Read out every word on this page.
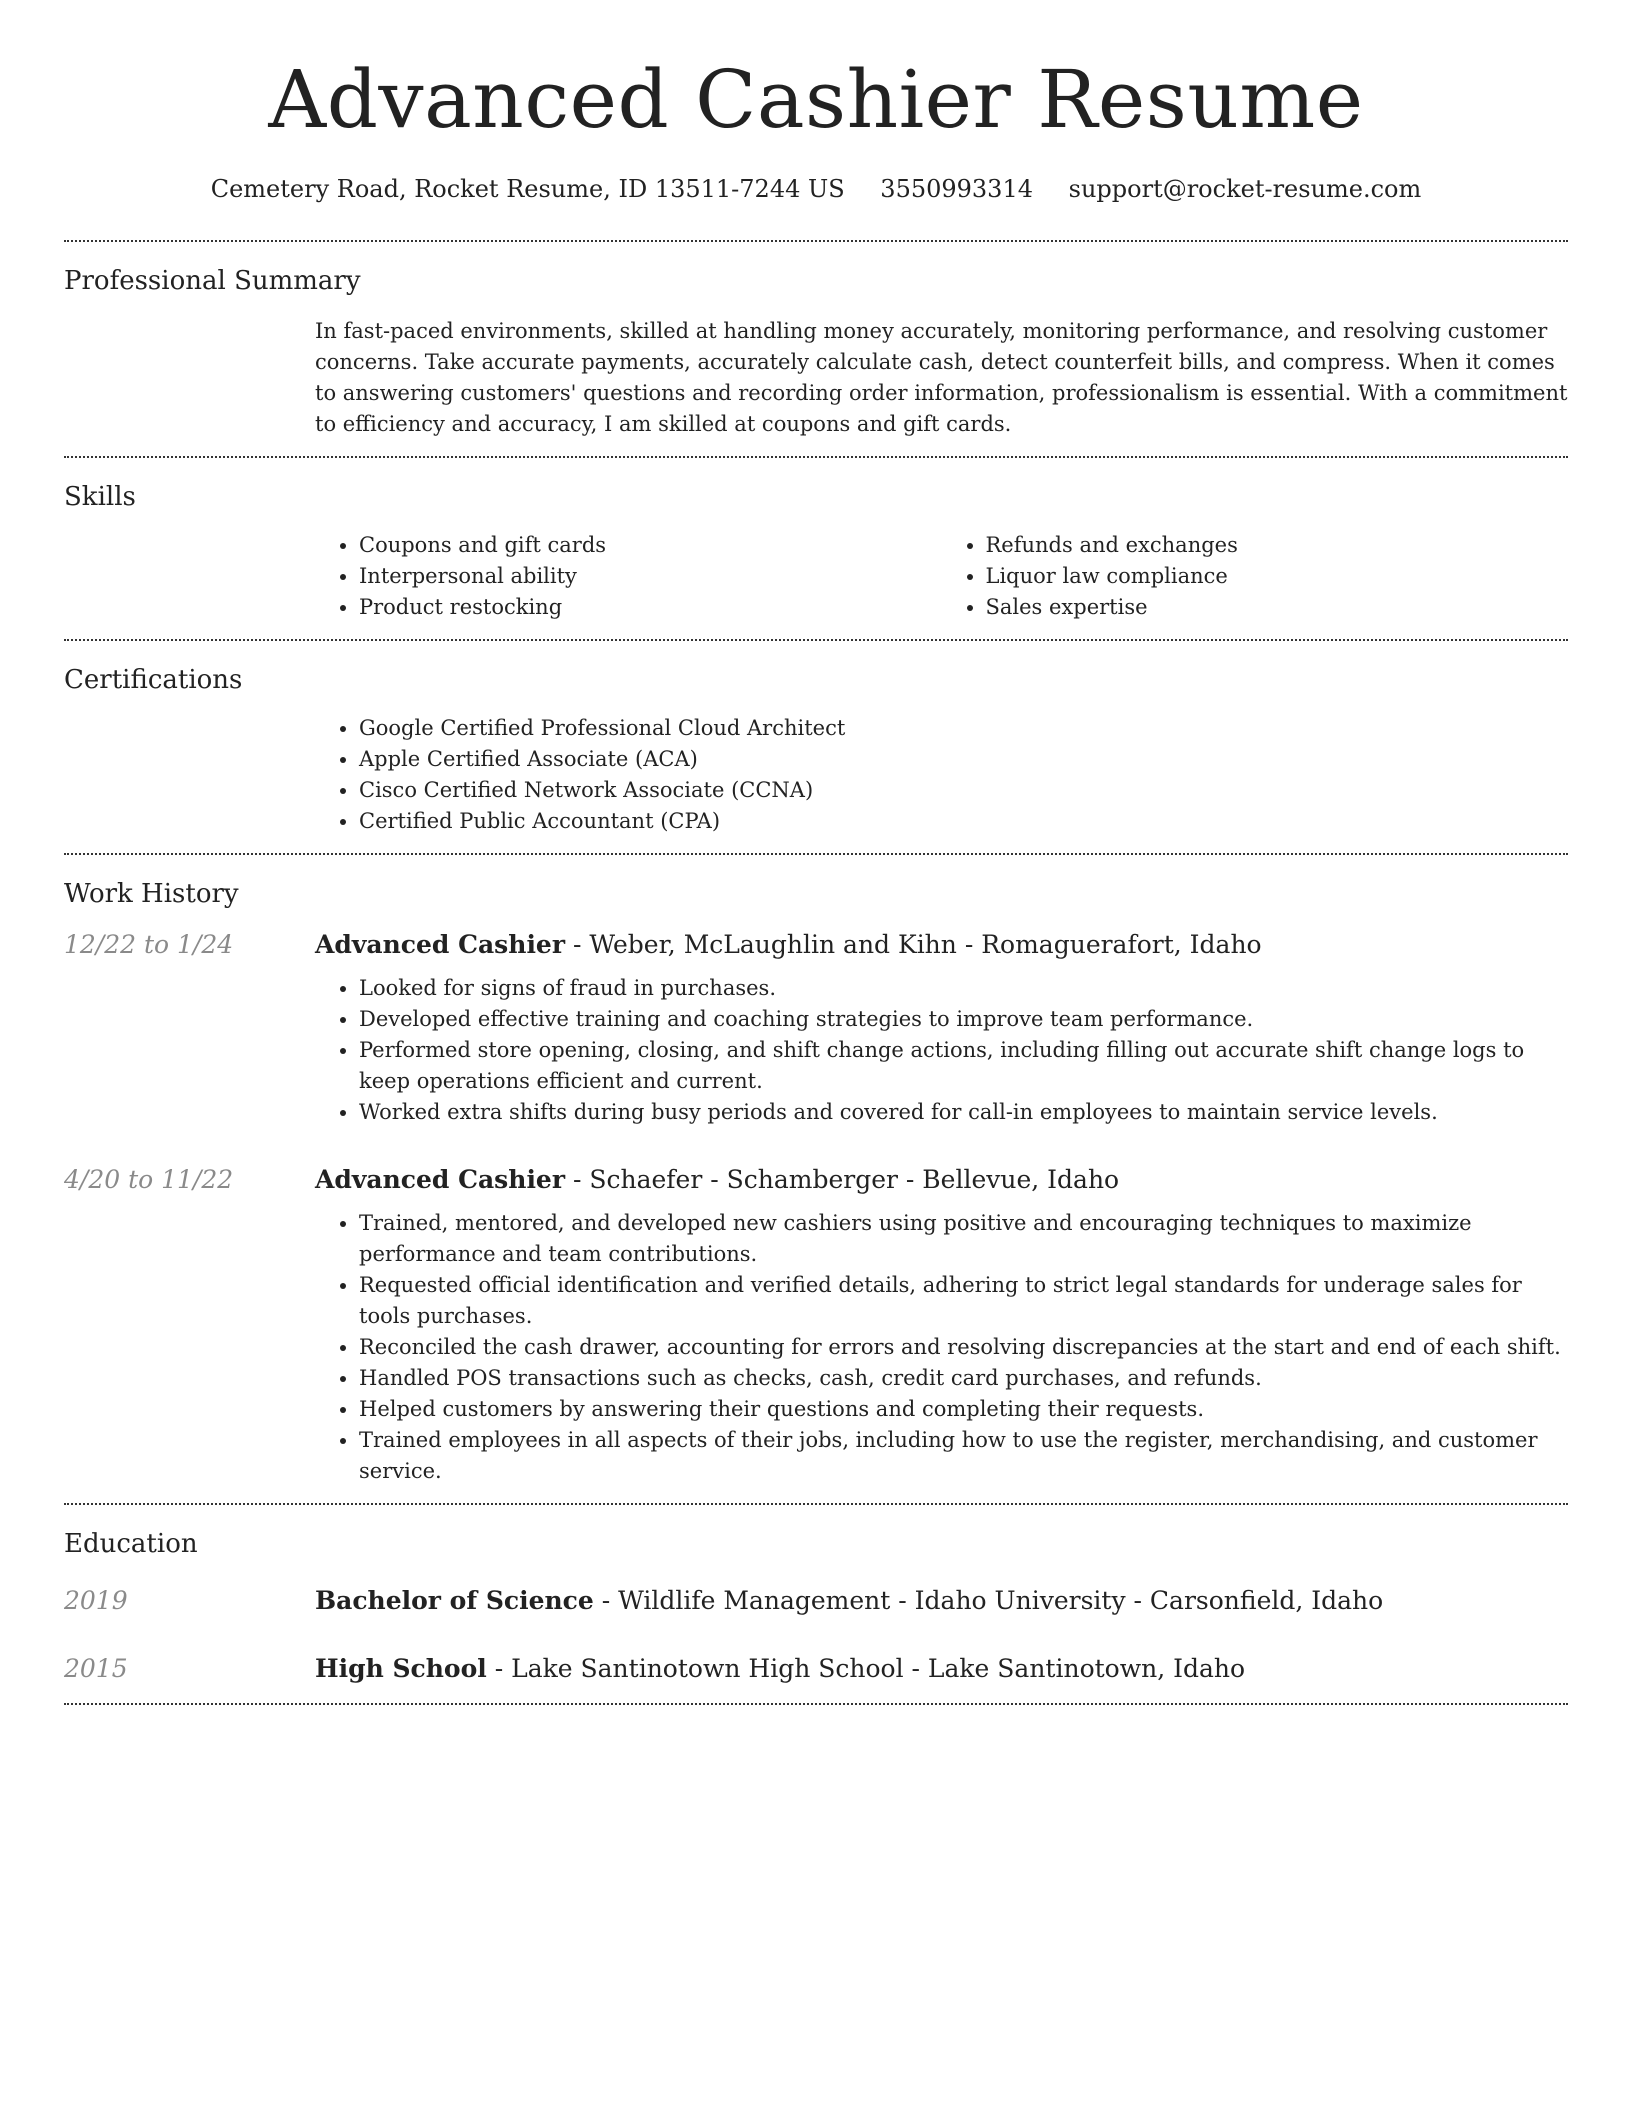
Advanced Cashier Resume
Cemetery Road, Rocket Resume, ID 13511-7244 US 3550993314 support@rocket-resume.com
Professional Summary

In fast-paced environments, skilled at handling money accurately, monitoring performance, and resolving customer concerns. Take accurate payments, accurately calculate cash, detect counterfeit bills, and compress. When it comes to answering customers' questions and recording order information, professionalism is essential. With a commitment to efficiency and accuracy, I am skilled at coupons and gift cards.

Skills
• Coupons and gift cards
• Interpersonal ability
• Product restocking
• Refunds and exchanges
• Liquor law compliance
• Sales expertise
Certifications
• Google Certified Professional Cloud Architect
• Apple Certified Associate (ACA)
• Cisco Certified Network Associate (CCNA)
• Certified Public Accountant (CPA)
Work History
12/22 to 1/24	Advanced Cashier - Weber, McLaughlin and Kihn - Romaguerafort, Idaho
• Looked for signs of fraud in purchases.
• Developed effective training and coaching strategies to improve team performance.
• Performed store opening, closing, and shift change actions, including filling out accurate shift change logs to keep operations efficient and current.
• Worked extra shifts during busy periods and covered for call-in employees to maintain service levels.
4/20 to 11/22	Advanced Cashier - Schaefer - Schamberger - Bellevue, Idaho
• Trained, mentored, and developed new cashiers using positive and encouraging techniques to maximize performance and team contributions.
• Requested official identification and verified details, adhering to strict legal standards for underage sales for tools purchases.
• Reconciled the cash drawer, accounting for errors and resolving discrepancies at the start and end of each shift.
• Handled POS transactions such as checks, cash, credit card purchases, and refunds.
• Helped customers by answering their questions and completing their requests.
• Trained employees in all aspects of their jobs, including how to use the register, merchandising, and customer service.
Education
2019	Bachelor of Science - Wildlife Management - Idaho University - Carsonfield, Idaho
2015	High School - Lake Santinotown High School - Lake Santinotown, Idaho
